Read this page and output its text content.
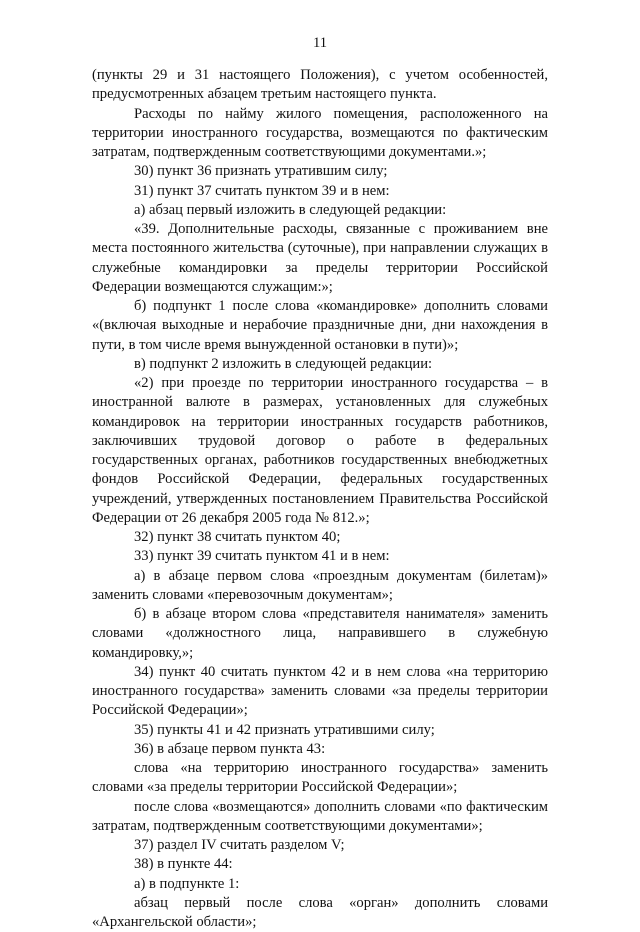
11

(пункты 29 и 31 настоящего Положения), с учетом особенностей, предусмотренных абзацем третьим настоящего пункта.

Расходы по найму жилого помещения, расположенного на территории иностранного государства, возмещаются по фактическим затратам, подтвержденным соответствующими документами.»;

30) пункт 36 признать утратившим силу;

31) пункт 37 считать пунктом 39 и в нем:

а) абзац первый изложить в следующей редакции:

«39. Дополнительные расходы, связанные с проживанием вне места постоянного жительства (суточные), при направлении служащих в служебные командировки за пределы территории Российской Федерации возмещаются служащим:»;

б) подпункт 1 после слова «командировке» дополнить словами «(включая выходные и нерабочие праздничные дни, дни нахождения в пути, в том числе время вынужденной остановки в пути)»;

в) подпункт 2 изложить в следующей редакции:

«2) при проезде по территории иностранного государства – в иностранной валюте в размерах, установленных для служебных командировок на территории иностранных государств работников, заключивших трудовой договор о работе в федеральных государственных органах, работников государственных внебюджетных фондов Российской Федерации, федеральных государственных учреждений, утвержденных постановлением Правительства Российской Федерации от 26 декабря 2005 года № 812.»;

32) пункт 38 считать пунктом 40;

33) пункт 39 считать пунктом 41 и в нем:

а) в абзаце первом слова «проездным документам (билетам)» заменить словами «перевозочным документам»;

б) в абзаце втором слова «представителя нанимателя» заменить словами «должностного лица, направившего в служебную командировку,»;

34) пункт 40 считать пунктом 42 и в нем слова «на территорию иностранного государства» заменить словами «за пределы территории Российской Федерации»;

35) пункты 41 и 42 признать утратившими силу;

36) в абзаце первом пункта 43:

слова «на территорию иностранного государства» заменить словами «за пределы территории Российской Федерации»;

после слова «возмещаются» дополнить словами «по фактическим затратам, подтвержденным соответствующими документами»;

37) раздел IV считать разделом V;

38) в пункте 44:

а) в подпункте 1:

абзац первый после слова «орган» дополнить словами «Архангельской области»;
